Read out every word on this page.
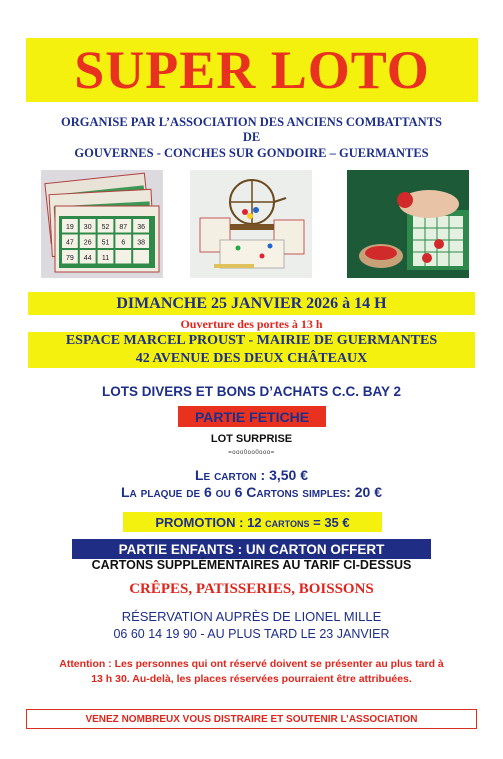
SUPER LOTO
ORGANISE PAR L’ASSOCIATION DES ANCIENS COMBATTANTS
DE
GOUVERNES - CONCHES SUR GONDOIRE – GUERMANTES
19 30 52 87 36
47 26 51 6 38
79 44 11
DIMANCHE 25 JANVIER 2026 à 14 H
Ouverture des portes à 13 h
ESPACE MARCEL PROUST - MAIRIE DE GUERMANTES
42 AVENUE DES DEUX CHÂTEAUX
LOTS DIVERS ET BONS D’ACHATS C.C. BAY 2
PARTIE FETICHE
LOT SURPRISE
=ooo0oo0ooo=
Le carton : 3,50 €
La plaque de 6 ou 6 Cartons simples: 20 €
PROMOTION : 12 cartons = 35 €
PARTIE ENFANTS : UN CARTON OFFERT
CARTONS SUPPLÉMENTAIRES AU TARIF CI-DESSUS
CRÊPES, PATISSERIES, BOISSONS
RÉSERVATION AUPRÈS DE LIONEL MILLE
06 60 14 19 90 - AU PLUS TARD LE 23 JANVIER
Attention : Les personnes qui ont réservé doivent se présenter au plus tard à
13 h 30. Au-delà, les places réservées pourraient être attribuées.
VENEZ NOMBREUX VOUS DISTRAIRE ET SOUTENIR L’ASSOCIATION
